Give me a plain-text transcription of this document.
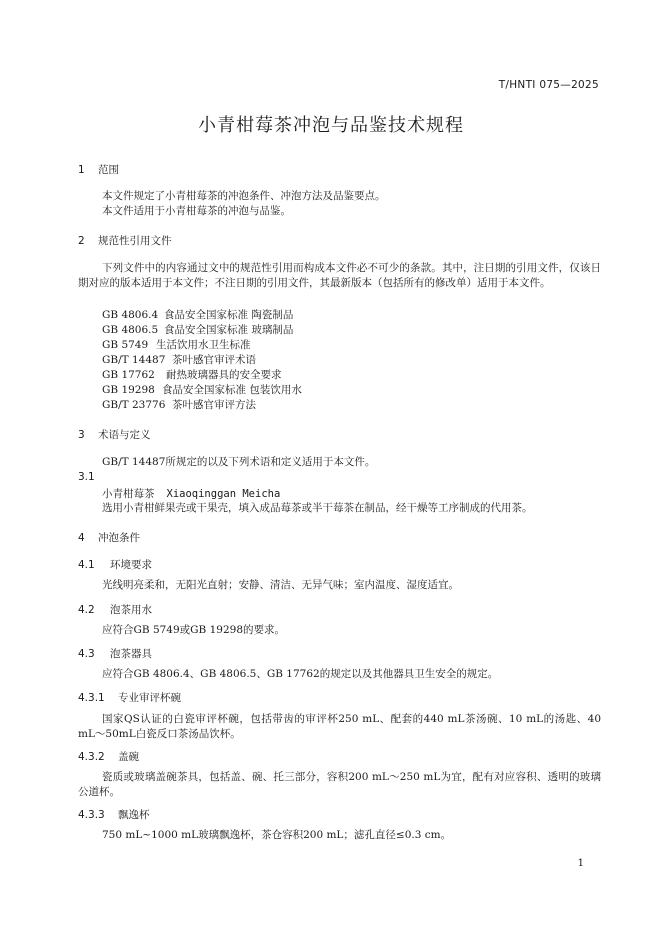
T/HNTI 075—2025
小青柑莓茶冲泡与品鉴技术规程
1 范围
本文件规定了小青柑莓茶的冲泡条件、冲泡方法及品鉴要点。
本文件适用于小青柑莓茶的冲泡与品鉴。
2 规范性引用文件
下列文件中的内容通过文中的规范性引用而构成本文件必不可少的条款。其中，注日期的引用文件，仅该日期对应的版本适用于本文件；不注日期的引用文件，其最新版本（包括所有的修改单）适用于本文件。
GB 4806.4 食品安全国家标准 陶瓷制品
GB 4806.5 食品安全国家标准 玻璃制品
GB 5749 生活饮用水卫生标准
GB/T 14487 茶叶感官审评术语
GB 17762 耐热玻璃器具的安全要求
GB 19298 食品安全国家标准 包装饮用水
GB/T 23776 茶叶感官审评方法
3 术语与定义
GB/T 14487所规定的以及下列术语和定义适用于本文件。
3.1
小青柑莓茶 Xiaoqinggan Meicha
选用小青柑鲜果壳或干果壳，填入成品莓茶或半干莓茶在制品，经干燥等工序制成的代用茶。
4 冲泡条件
4.1 环境要求
光线明亮柔和，无阳光直射；安静、清洁、无异气味；室内温度、湿度适宜。
4.2 泡茶用水
应符合GB 5749或GB 19298的要求。
4.3 泡茶器具
应符合GB 4806.4、GB 4806.5、GB 17762的规定以及其他器具卫生安全的规定。
4.3.1 专业审评杯碗
国家QS认证的白瓷审评杯碗，包括带齿的审评杯250 mL、配套的440 mL茶汤碗、10 mL的汤匙、40 mL～50mL白瓷反口茶汤品饮杯。
4.3.2 盖碗
瓷质或玻璃盖碗茶具，包括盖、碗、托三部分，容积200 mL～250 mL为宜，配有对应容积、透明的玻璃公道杯。
4.3.3 飘逸杯
750 mL~1000 mL玻璃飘逸杯，茶仓容积200 mL；滤孔直径≤0.3 cm。
1
